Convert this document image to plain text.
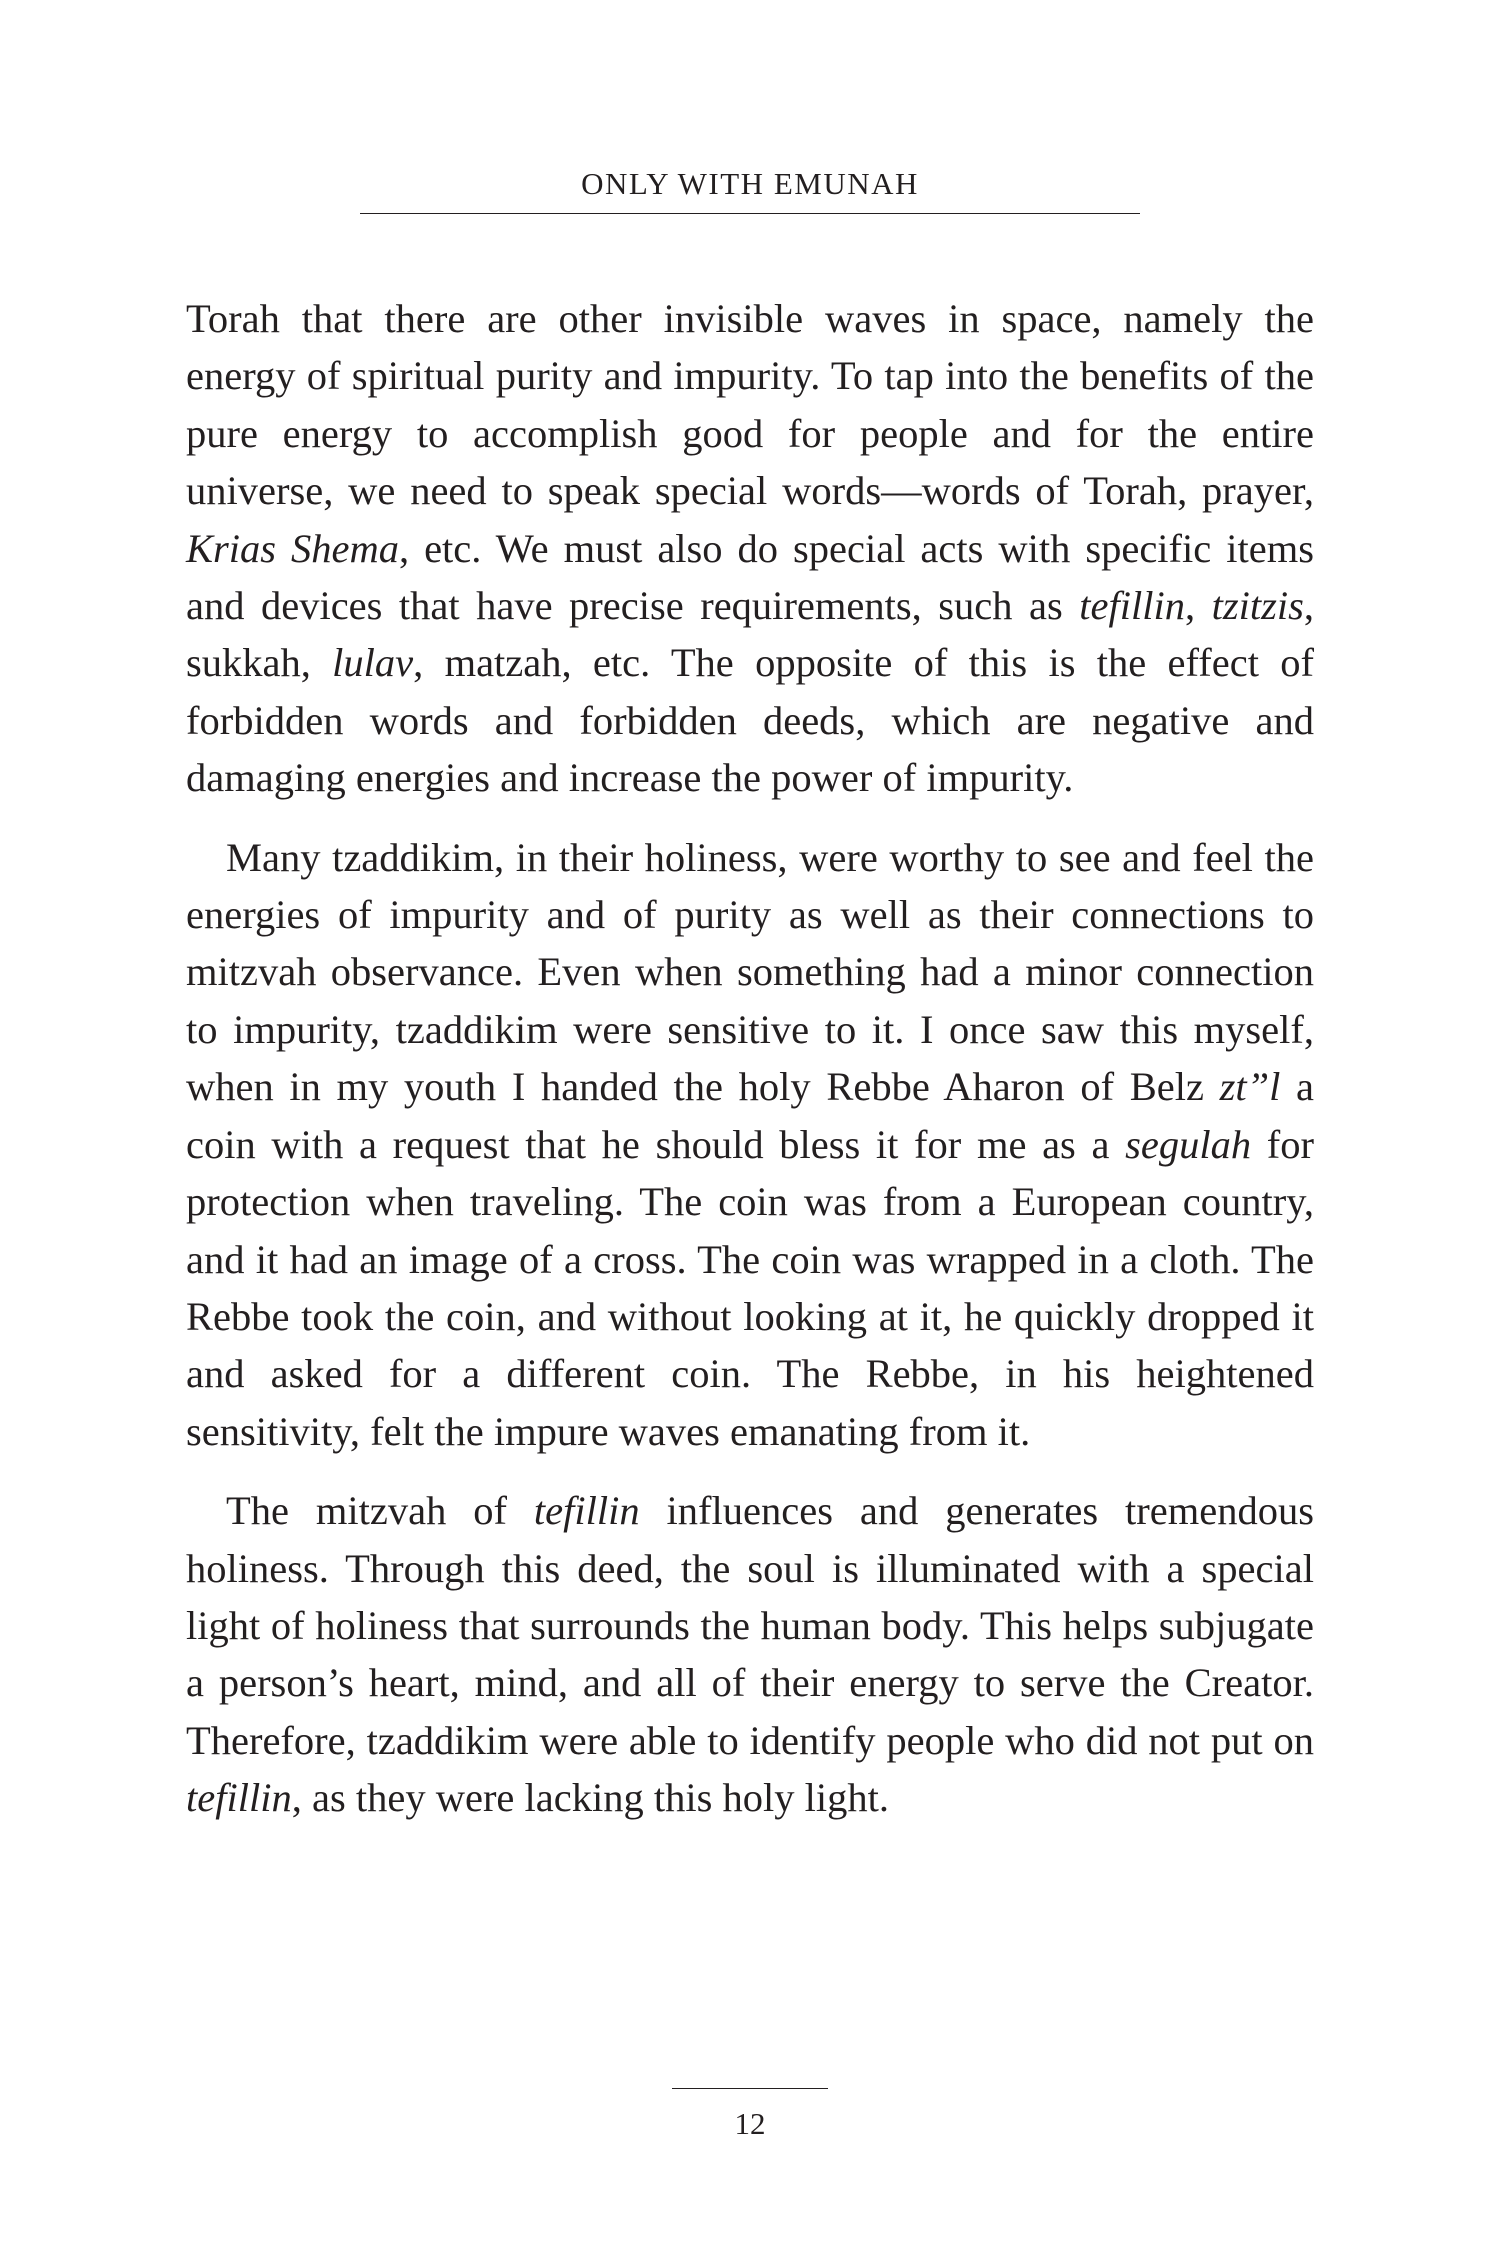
ONLY WITH EMUNAH

Torah that there are other invisible waves in space, namely the energy of spiritual purity and impurity. To tap into the benefits of the pure energy to accomplish good for people and for the entire universe, we need to speak special words—words of Torah, prayer, Krias Shema, etc. We must also do special acts with specific items and devices that have precise requirements, such as tefillin, tzitzis, sukkah, lulav, matzah, etc. The opposite of this is the effect of forbidden words and forbidden deeds, which are negative and damaging energies and increase the power of impurity.

Many tzaddikim, in their holiness, were worthy to see and feel the energies of impurity and of purity as well as their connections to mitzvah observance. Even when something had a minor connection to impurity, tzaddikim were sensitive to it. I once saw this myself, when in my youth I handed the holy Rebbe Aharon of Belz zt”l a coin with a request that he should bless it for me as a segulah for protection when traveling. The coin was from a European country, and it had an image of a cross. The coin was wrapped in a cloth. The Rebbe took the coin, and without looking at it, he quickly dropped it and asked for a different coin. The Rebbe, in his heightened sensitivity, felt the impure waves emanating from it.

The mitzvah of tefillin influences and generates tremendous holiness. Through this deed, the soul is illuminated with a special light of holiness that surrounds the human body. This helps subjugate a person’s heart, mind, and all of their energy to serve the Creator. Therefore, tzaddikim were able to identify people who did not put on tefillin, as they were lacking this holy light.

12
